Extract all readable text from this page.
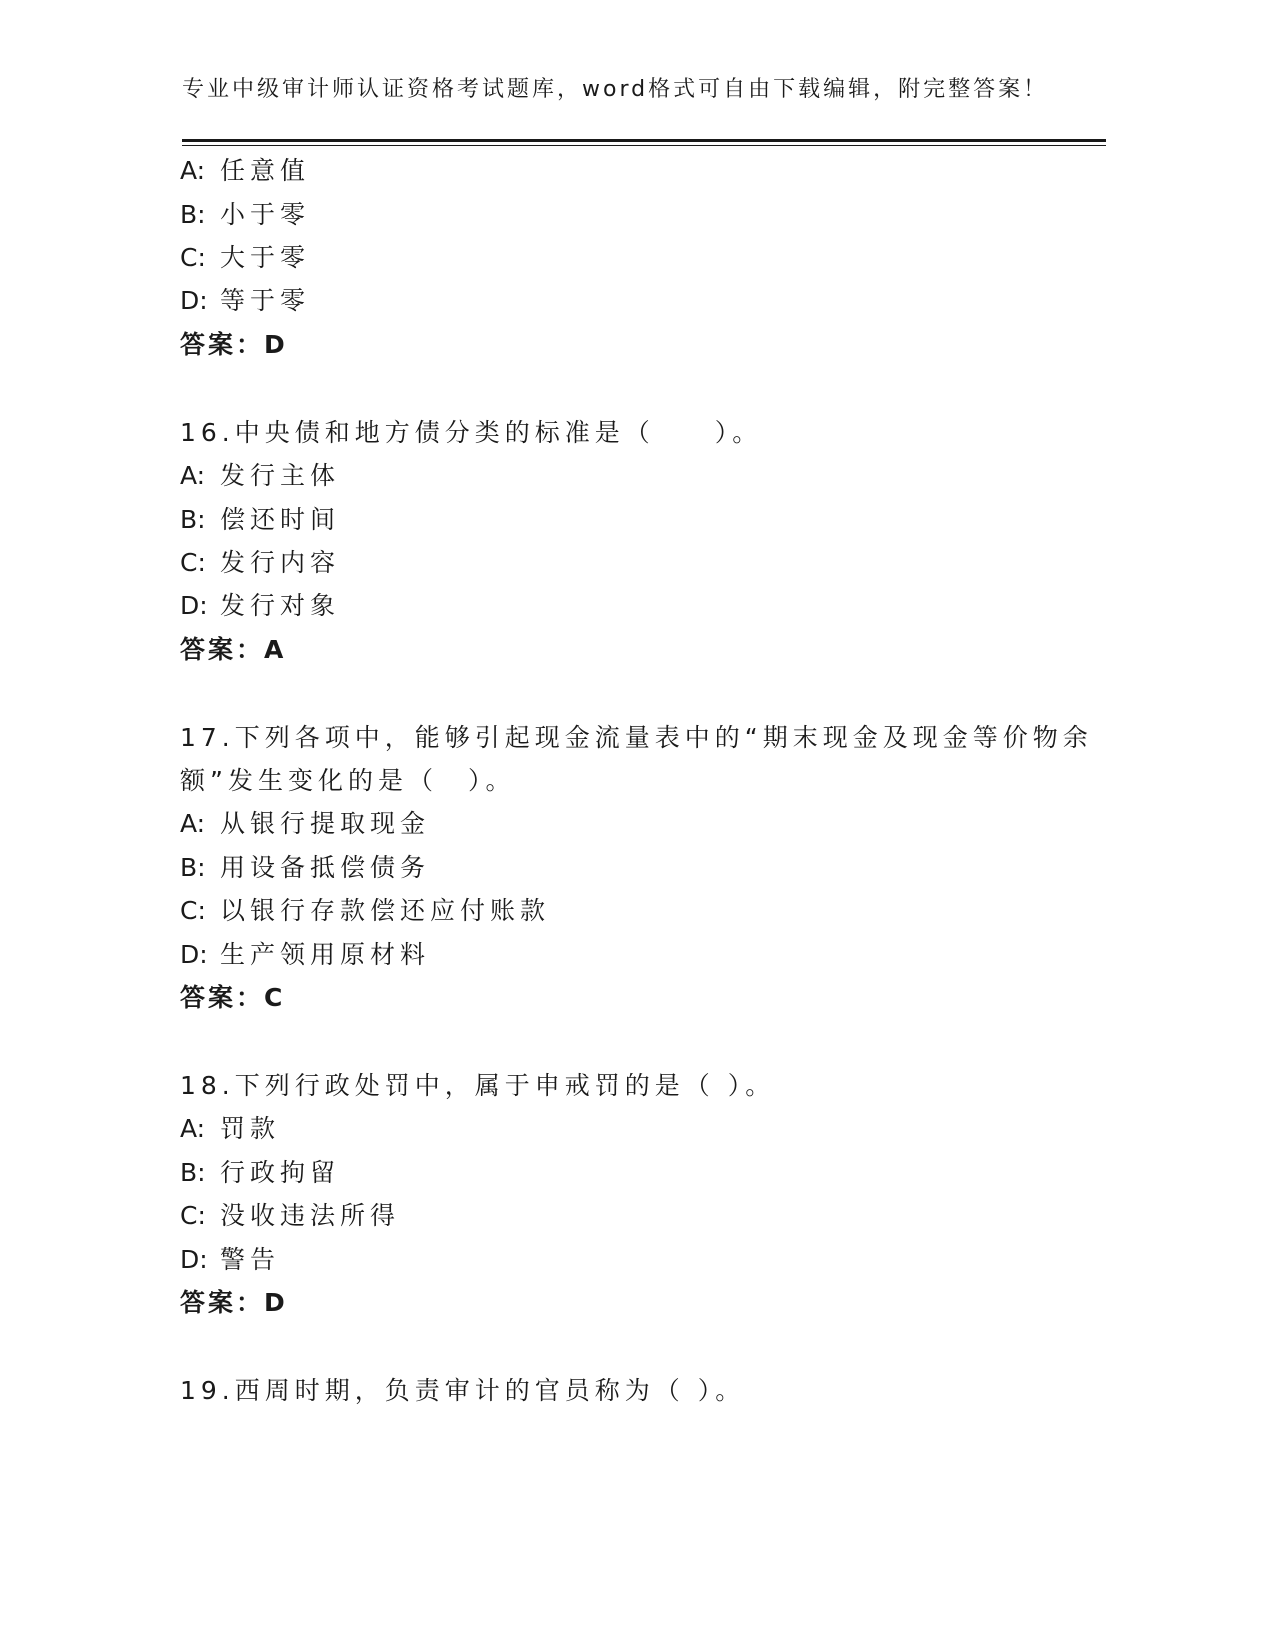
专业中级审计师认证资格考试题库，word格式可自由下载编辑，附完整答案！
A: 任意值
B: 小于零
C: 大于零
D: 等于零
答案：D
16.中央债和地方债分类的标准是（　　）。
A: 发行主体
B: 偿还时间
C: 发行内容
D: 发行对象
答案：A
17.下列各项中，能够引起现金流量表中的“期末现金及现金等价物余
额”发生变化的是（　）。
A: 从银行提取现金
B: 用设备抵偿债务
C: 以银行存款偿还应付账款
D: 生产领用原材料
答案：C
18.下列行政处罚中，属于申戒罚的是（ ）。
A: 罚款
B: 行政拘留
C: 没收违法所得
D: 警告
答案：D
19.西周时期，负责审计的官员称为（ ）。
